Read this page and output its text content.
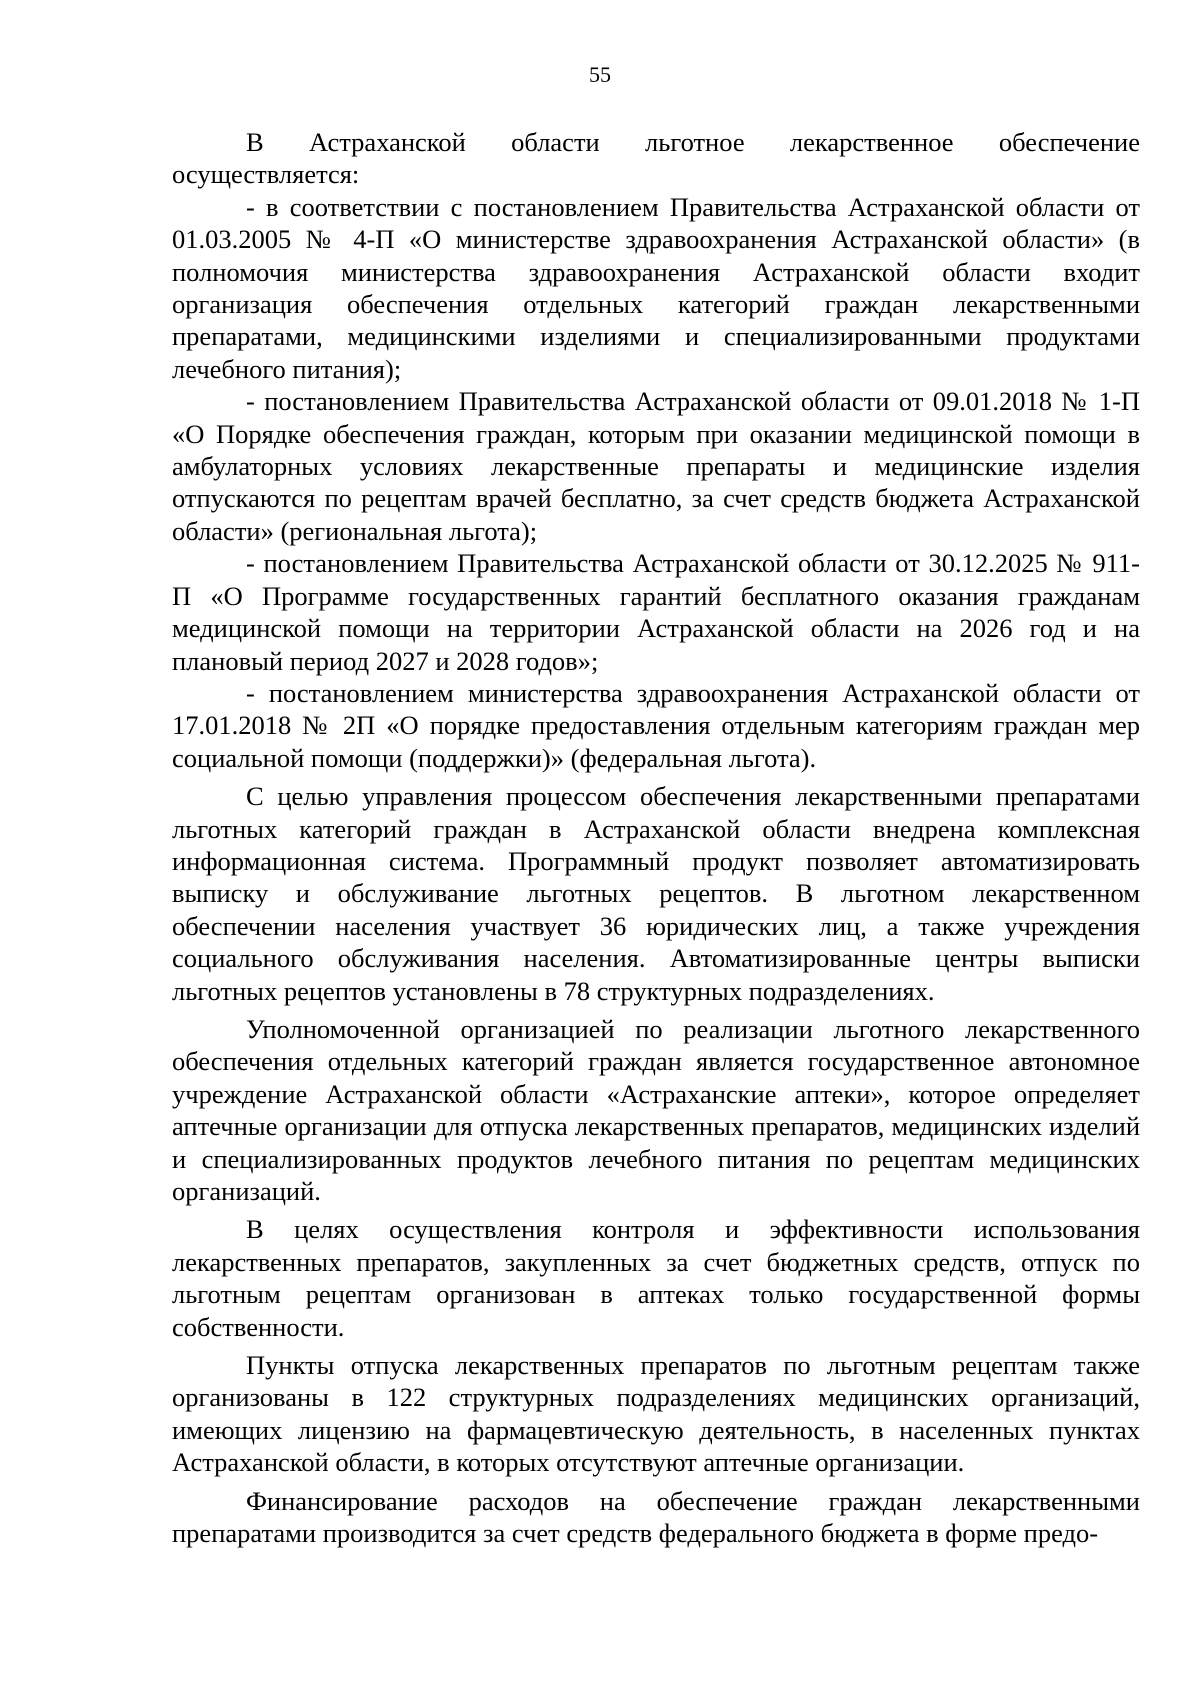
55

В Астраханской области льготное лекарственное обеспечение осуществляется:

- в соответствии с постановлением Правительства Астраханской области от 01.03.2005 № 4-П «О министерстве здравоохранения Астраханской области» (в полномочия министерства здравоохранения Астраханской области входит организация обеспечения отдельных категорий граждан лекарственными препаратами, медицинскими изделиями и специализированными продуктами лечебного питания);

- постановлением Правительства Астраханской области от 09.01.2018 № 1-П «О Порядке обеспечения граждан, которым при оказании медицинской помощи в амбулаторных условиях лекарственные препараты и медицинские изделия отпускаются по рецептам врачей бесплатно, за счет средств бюджета Астраханской области» (региональная льгота);

- постановлением Правительства Астраханской области от 30.12.2025 № 911-П «О Программе государственных гарантий бесплатного оказания гражданам медицинской помощи на территории Астраханской области на 2026 год и на плановый период 2027 и 2028 годов»;

- постановлением министерства здравоохранения Астраханской области от 17.01.2018 № 2П «О порядке предоставления отдельным категориям граждан мер социальной помощи (поддержки)» (федеральная льгота).

С целью управления процессом обеспечения лекарственными препаратами льготных категорий граждан в Астраханской области внедрена комплексная информационная система. Программный продукт позволяет автоматизировать выписку и обслуживание льготных рецептов. В льготном лекарственном обеспечении населения участвует 36 юридических лиц, а также учреждения социального обслуживания населения. Автоматизированные центры выписки льготных рецептов установлены в 78 структурных подразделениях.

Уполномоченной организацией по реализации льготного лекарственного обеспечения отдельных категорий граждан является государственное автономное учреждение Астраханской области «Астраханские аптеки», которое определяет аптечные организации для отпуска лекарственных препаратов, медицинских изделий и специализированных продуктов лечебного питания по рецептам медицинских организаций.

В целях осуществления контроля и эффективности использования лекарственных препаратов, закупленных за счет бюджетных средств, отпуск по льготным рецептам организован в аптеках только государственной формы собственности.

Пункты отпуска лекарственных препаратов по льготным рецептам также организованы в 122 структурных подразделениях медицинских организаций, имеющих лицензию на фармацевтическую деятельность, в населенных пунктах Астраханской области, в которых отсутствуют аптечные организации.

Финансирование расходов на обеспечение граждан лекарственными препаратами производится за счет средств федерального бюджета в форме предо-
